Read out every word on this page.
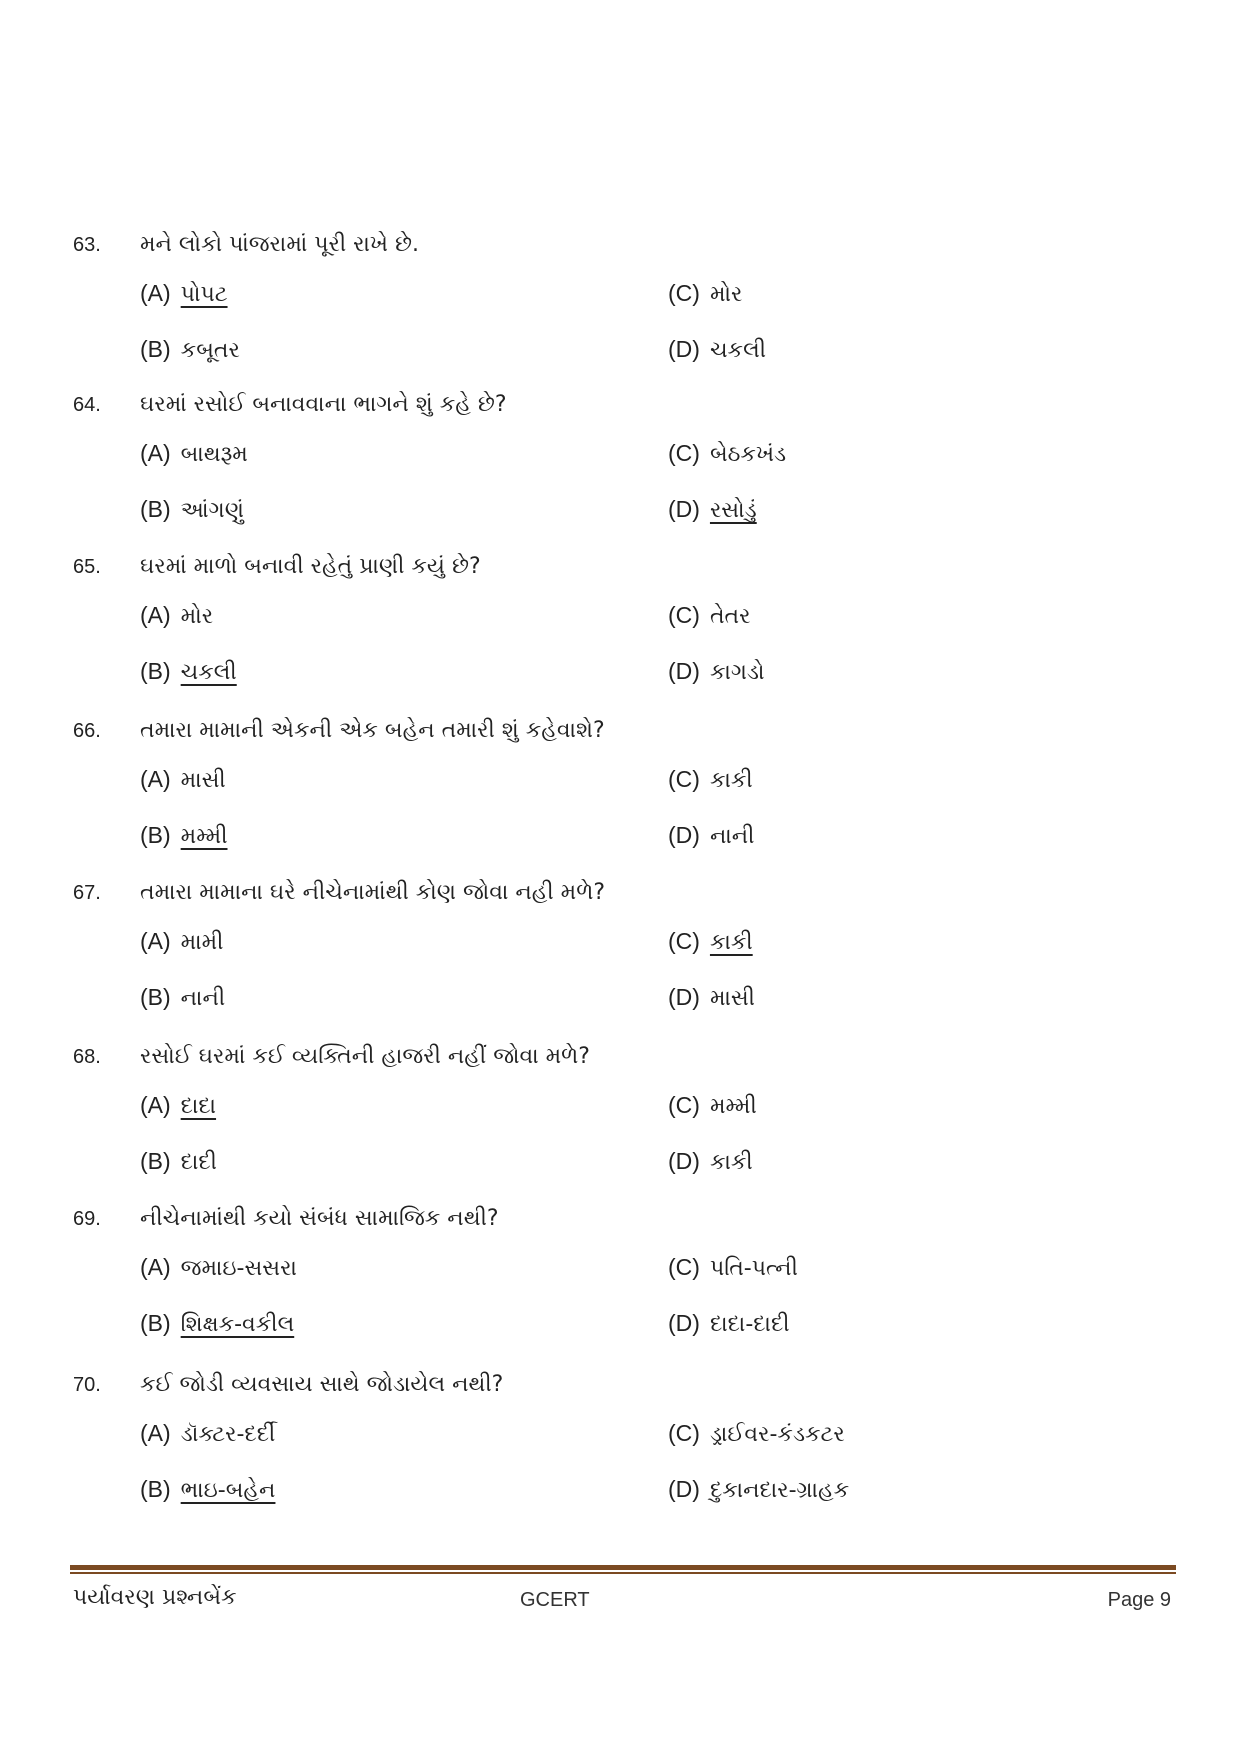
63. મને લોકો પાંજરામાં પૂરી રાખે છે.
(A) પોપટ	(C) મોર
(B) કબૂતર	(D) ચકલી
64. ઘરમાં રસોઈ બનાવવાના ભાગને શું કહે છે?
(A) બાથરૂમ	(C) બેઠકખંડ
(B) આંગણું	(D) રસોડું
65. ઘરમાં માળો બનાવી રહેતું પ્રાણી કયું છે?
(A) મોર	(C) તેતર
(B) ચકલી	(D) કાગડો
66. તમારા મામાની એકની એક બહેન તમારી શું કહેવાશે?
(A) માસી	(C) કાકી
(B) મમ્મી	(D) નાની
67. તમારા મામાના ઘરે નીચેનામાંથી કોણ જોવા નહી મળે?
(A) મામી	(C) કાકી
(B) નાની	(D) માસી
68. રસોઈ ઘરમાં કઈ વ્યક્તિની હાજરી નહીં જોવા મળે?
(A) દાદા	(C) મમ્મી
(B) દાદી	(D) કાકી
69. નીચેનામાંથી કયો સંબંધ સામાજિક નથી?
(A) જમાઇ-સસરા	(C) પતિ-પત્ની
(B) શિક્ષક-વકીલ	(D) દાદા-દાદી
70. કઈ જોડી વ્યવસાય સાથે જોડાયેલ નથી?
(A) ડૉક્ટર-દર્દી	(C) ડ્રાઈવર-કંડકટર
(B) ભાઇ-બહેન	(D) દુકાનદાર-ગ્રાહક
પર્યાવરણ પ્રશ્નબેંક	GCERT	Page 9
